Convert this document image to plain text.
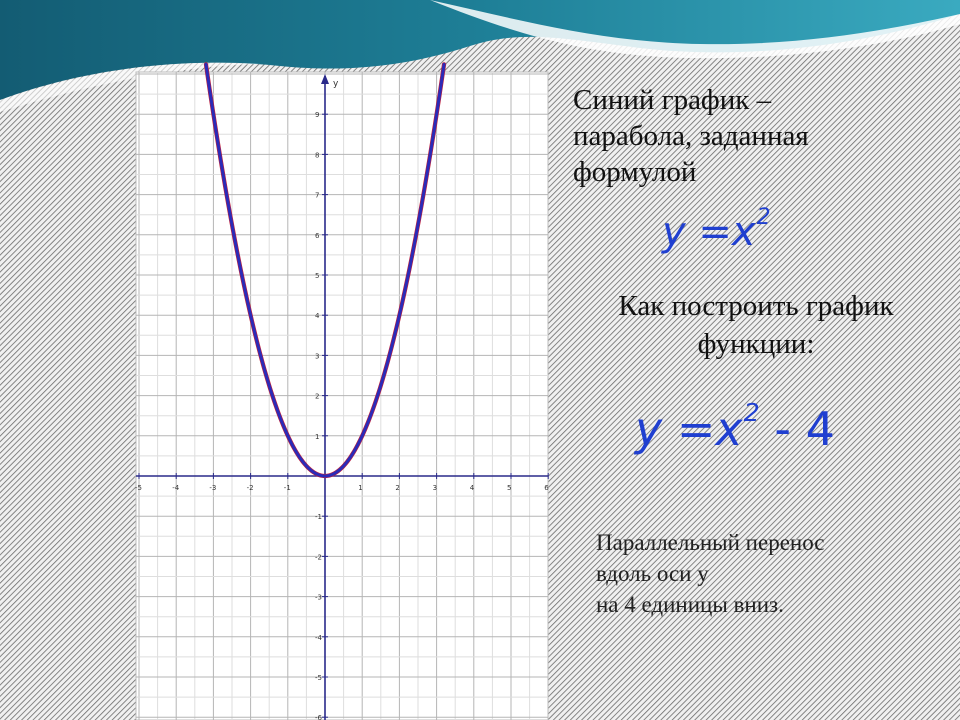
y
-5	-4	-3	-2	-1	1	2	3	4	5	6
9
8
7
6
5
4
3
2
1
-1
-2
-3
-4
-5
-6
Синий график – парабола, заданная формулой
$y =x^2$
Как построить график функции:
$y =x^2 - 4$
Параллельный перенос
вдоль оси у
на 4 единицы вниз.
